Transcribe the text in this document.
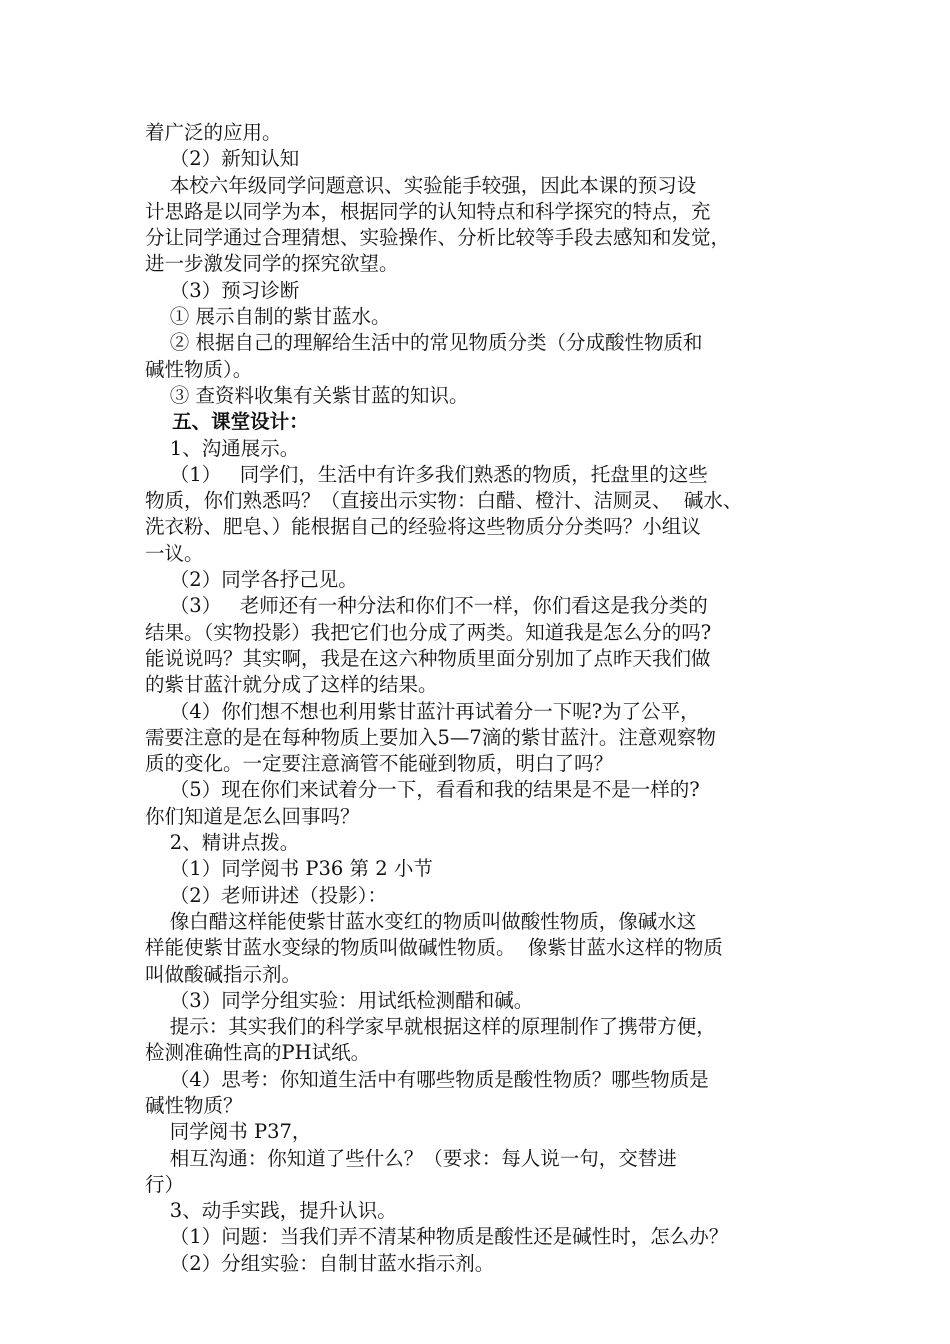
着广泛的应用。
（2）新知认知
本校六年级同学问题意识、实验能手较强，因此本课的预习设
计思路是以同学为本，根据同学的认知特点和科学探究的特点，充
分让同学通过合理猜想、实验操作、分析比较等手段去感知和发觉，
进一步激发同学的探究欲望。
（3）预习诊断
① 展示自制的紫甘蓝水。
② 根据自己的理解给生活中的常见物质分类（分成酸性物质和
碱性物质）。
③ 查资料收集有关紫甘蓝的知识。
五、课堂设计：
1、沟通展示。
（1）   同学们，生活中有许多我们熟悉的物质，托盘里的这些
物质，你们熟悉吗？（直接出示实物：白醋、橙汁、洁厕灵、  碱水、
洗衣粉、肥皂、）能根据自己的经验将这些物质分分类吗？小组议
一议。
（2）同学各抒己见。
（3）   老师还有一种分法和你们不一样，你们看这是我分类的
结果。（实物投影）我把它们也分成了两类。知道我是怎么分的吗?
能说说吗？其实啊，我是在这六种物质里面分别加了点昨天我们做
的紫甘蓝汁就分成了这样的结果。
（4）你们想不想也利用紫甘蓝汁再试着分一下呢?为了公平，
需要注意的是在每种物质上要加入5—7滴的紫甘蓝汁。注意观察物
质的变化。一定要注意滴管不能碰到物质，明白了吗？
（5）现在你们来试着分一下，看看和我的结果是不是一样的?
你们知道是怎么回事吗？
2、精讲点拨。
（1）同学阅书 P36 第 2 小节
（2）老师讲述（投影）：
像白醋这样能使紫甘蓝水变红的物质叫做酸性物质，像碱水这
样能使紫甘蓝水变绿的物质叫做碱性物质。  像紫甘蓝水这样的物质
叫做酸碱指示剂。
（3）同学分组实验：用试纸检测醋和碱。
提示：其实我们的科学家早就根据这样的原理制作了携带方便，
检测准确性高的PH试纸。
（4）思考：你知道生活中有哪些物质是酸性物质？哪些物质是
碱性物质？
同学阅书 P37，
相互沟通：你知道了些什么？（要求：每人说一句，交替进
行）
3、动手实践，提升认识。
（1）问题：当我们弄不清某种物质是酸性还是碱性时，怎么办？
（2）分组实验：自制甘蓝水指示剂。
